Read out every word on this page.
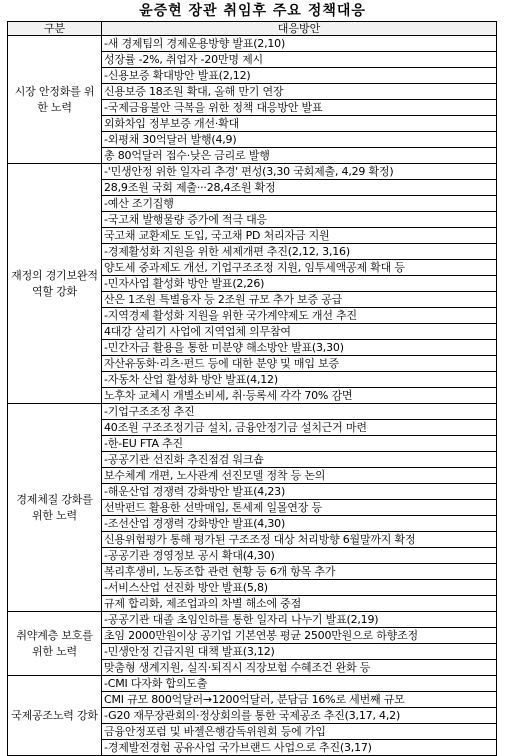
윤증현 장관 취임후 주요 정책대응
구분	대응방안
시장 안정화를 위한 노력	-새 경제팀의 경제운용방향 발표(2,10)
	성장률 -2%, 취업자 -20만명 제시
	-신용보증 확대방안 발표(2,12)
	신용보증 18조원 확대, 올해 만기 연장
	-국제금융불안 극복을 위한 정책 대응방안 발표
	외화차입 정부보증 개선·확대
	-외평채 30억달러 발행(4,9)
	총 80억달러 접수·낮은 금리로 발행
재정의 경기보완적 역할 강화	-'민생안정 위한 일자리 추경' 편성(3,30 국회제출, 4,29 확정)
	28,9조원 국회 제출···28,4조원 확정
	-예산 조기집행
	-국고채 발행물량 증가에 적극 대응
	국고채 교환제도 도입, 국고채 PD 처리자금 지원
	-경제활성화 지원을 위한 세제개편 추진(2,12, 3,16)
	양도세 중과제도 개선, 기업구조조정 지원, 임투세액공제 확대 등
	-민자사업 활성화 방안 발표(2,26)
	산은 1조원 특별융자 등 2조원 규모 추가 보증 공급
	-지역경제 활성화 지원을 위한 국가계약제도 개선 추진
	4대강 살리기 사업에 지역업체 의무참여
	-민간자금 활용을 통한 미분양 해소방안 발표(3,30)
	자산유동화·리츠·펀드 등에 대한 분양 및 매입 보증
	-자동차 산업 활성화 방안 발표(4,12)
	노후차 교체시 개별소비세, 취·등록세 각각 70% 감면
경제체질 강화를 위한 노력	-기업구조조정 추진
	40조원 구조조정기금 설치, 금융안정기금 설치근거 마련
	-한-EU FTA 추진
	-공공기관 선진화 추진점검 워크숍
	보수체계 개편, 노사관계 선진모델 정착 등 논의
	-해운산업 경쟁력 강화방안 발표(4,23)
	선박펀드 활용한 선박매입, 톤세제 일몰연장 등
	-조선산업 경쟁력 강화방안 발표(4,30)
	신용위험평가 통해 평가된 구조조정 대상 처리방향 6월말까지 확정
	-공공기관 경영정보 공시 확대(4,30)
	복리후생비, 노동조합 관련 현황 등 6개 항목 추가
	-서비스산업 선진화 방안 발표(5,8)
	규제 합리화, 제조업과의 차별 해소에 중점
취약계층 보호를 위한 노력	-공공기관 대졸 초임인하를 통한 일자리 나누기 발표(2,19)
	초임 2000만원이상 공기업 기본연봉 평균 2500만원으로 하향조정
	-민생안정 긴급지원 대책 발표(3,12)
	맞춤형 생계지원, 실직·퇴직시 직장보험 수혜조건 완화 등
국제공조노력 강화	-CMI 다자화 합의도출
	CMI 규모 800억달러→1200억달러, 분담금 16%로 세번째 규모
	-G20 재무장관회의·정상회의를 통한 국제공조 추진(3,17, 4,2)
	금융안정포럼 및 바젤은행감독위원회 등에 가입
	-경제발전경험 공유사업 국가브랜드 사업으로 추진(3,17)
